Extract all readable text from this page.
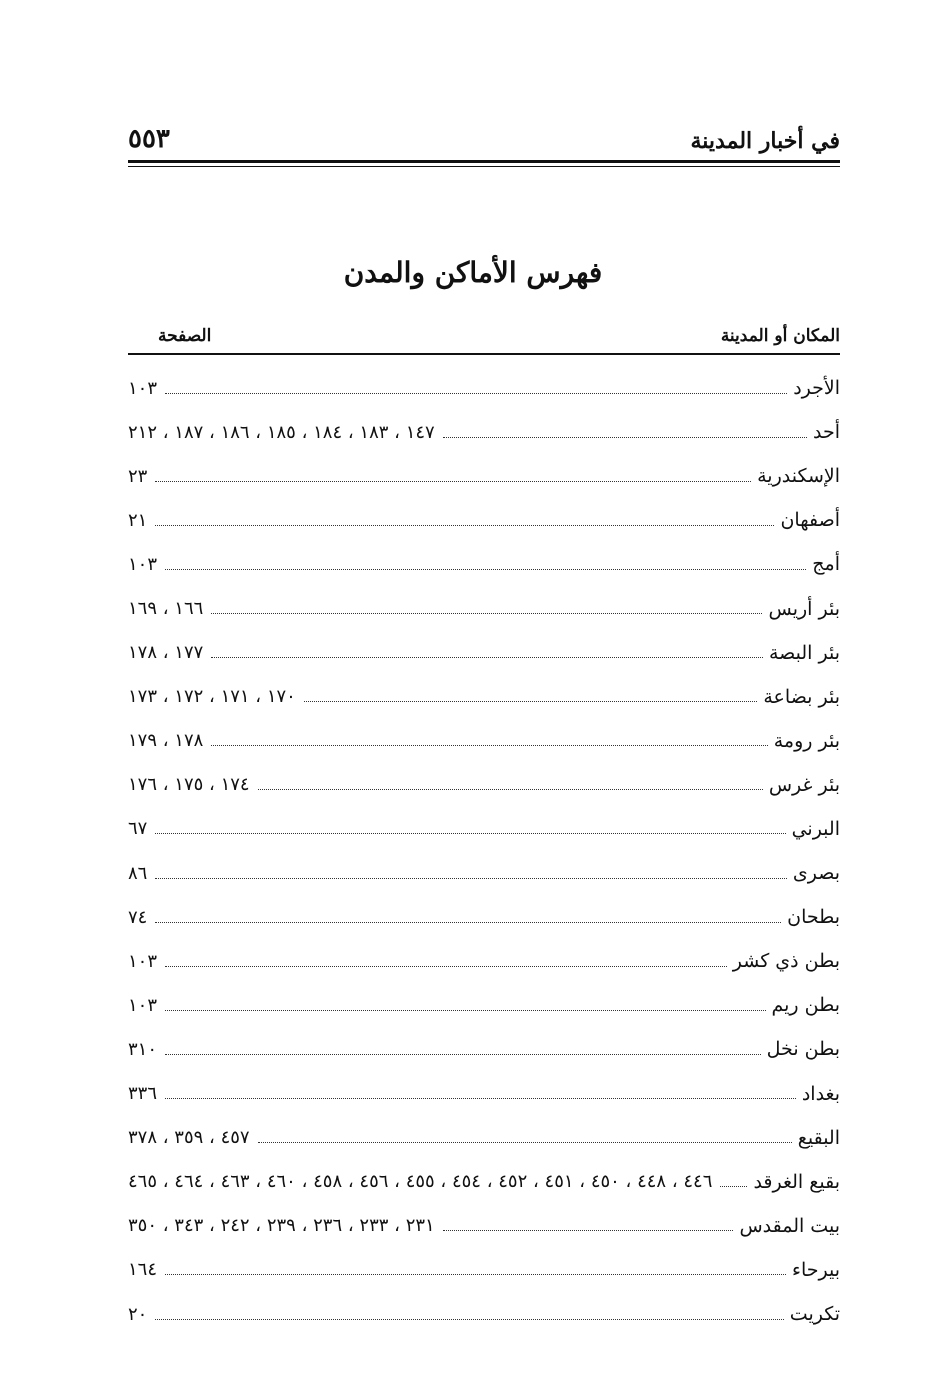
في أخبار المدينة
٥٥٣
فهرس الأماكن والمدن
المكان أو المدينة
الصفحة
الأجرد
١٠٣
أحد
١٤٧ ، ١٨٣ ، ١٨٤ ، ١٨٥ ، ١٨٦ ، ١٨٧ ، ٢١٢
الإسكندرية
٢٣
أصفهان
٢١
أمج
١٠٣
بئر أريس
١٦٦ ، ١٦٩
بئر البصة
١٧٧ ، ١٧٨
بئر بضاعة
١٧٠ ، ١٧١ ، ١٧٢ ، ١٧٣
بئر رومة
١٧٨ ، ١٧٩
بئر غرس
١٧٤ ، ١٧٥ ، ١٧٦
البرني
٦٧
بصرى
٨٦
بطحان
٧٤
بطن ذي كشر
١٠٣
بطن ريم
١٠٣
بطن نخل
٣١٠
بغداد
٣٣٦
البقيع
٤٥٧ ، ٣٥٩ ، ٣٧٨
بقيع الغرقد
٤٤٦ ، ٤٤٨ ، ٤٥٠ ، ٤٥١ ، ٤٥٢ ، ٤٥٤ ، ٤٥٥ ، ٤٥٦ ، ٤٥٨ ، ٤٦٠ ، ٤٦٣ ، ٤٦٤ ، ٤٦٥
بيت المقدس
٢٣١ ، ٢٣٣ ، ٢٣٦ ، ٢٣٩ ، ٢٤٢ ، ٣٤٣ ، ٣٥٠
بيرحاء
١٦٤
تكريت
٢٠
